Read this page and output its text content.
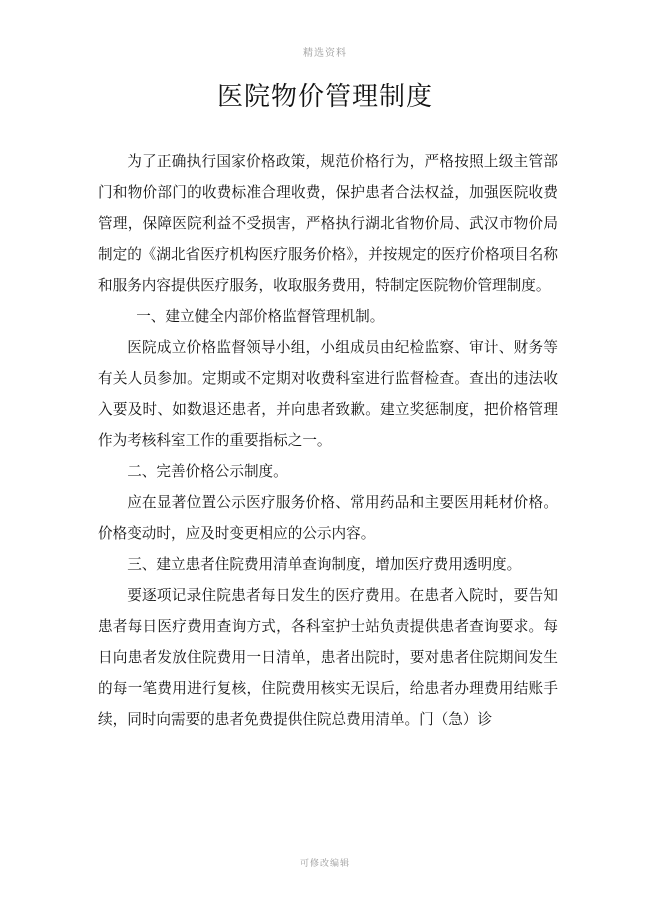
精选资料
医院物价管理制度

为了正确执行国家价格政策，规范价格行为，严格按照上级主管部门和物价部门的收费标准合理收费，保护患者合法权益，加强医院收费管理，保障医院利益不受损害，严格执行湖北省物价局、武汉市物价局制定的《湖北省医疗机构医疗服务价格》，并按规定的医疗价格项目名称和服务内容提供医疗服务，收取服务费用，特制定医院物价管理制度。

一、建立健全内部价格监督管理机制。

医院成立价格监督领导小组，小组成员由纪检监察、审计、财务等有关人员参加。定期或不定期对收费科室进行监督检查。查出的违法收入要及时、如数退还患者，并向患者致歉。建立奖惩制度，把价格管理作为考核科室工作的重要指标之一。

二、完善价格公示制度。

应在显著位置公示医疗服务价格、常用药品和主要医用耗材价格。价格变动时，应及时变更相应的公示内容。

三、建立患者住院费用清单查询制度，增加医疗费用透明度。

要逐项记录住院患者每日发生的医疗费用。在患者入院时，要告知患者每日医疗费用查询方式，各科室护士站负责提供患者查询要求。每日向患者发放住院费用一日清单，患者出院时，要对患者住院期间发生的每一笔费用进行复核，住院费用核实无误后，给患者办理费用结账手续，同时向需要的患者免费提供住院总费用清单。门（急）诊

可修改编辑
